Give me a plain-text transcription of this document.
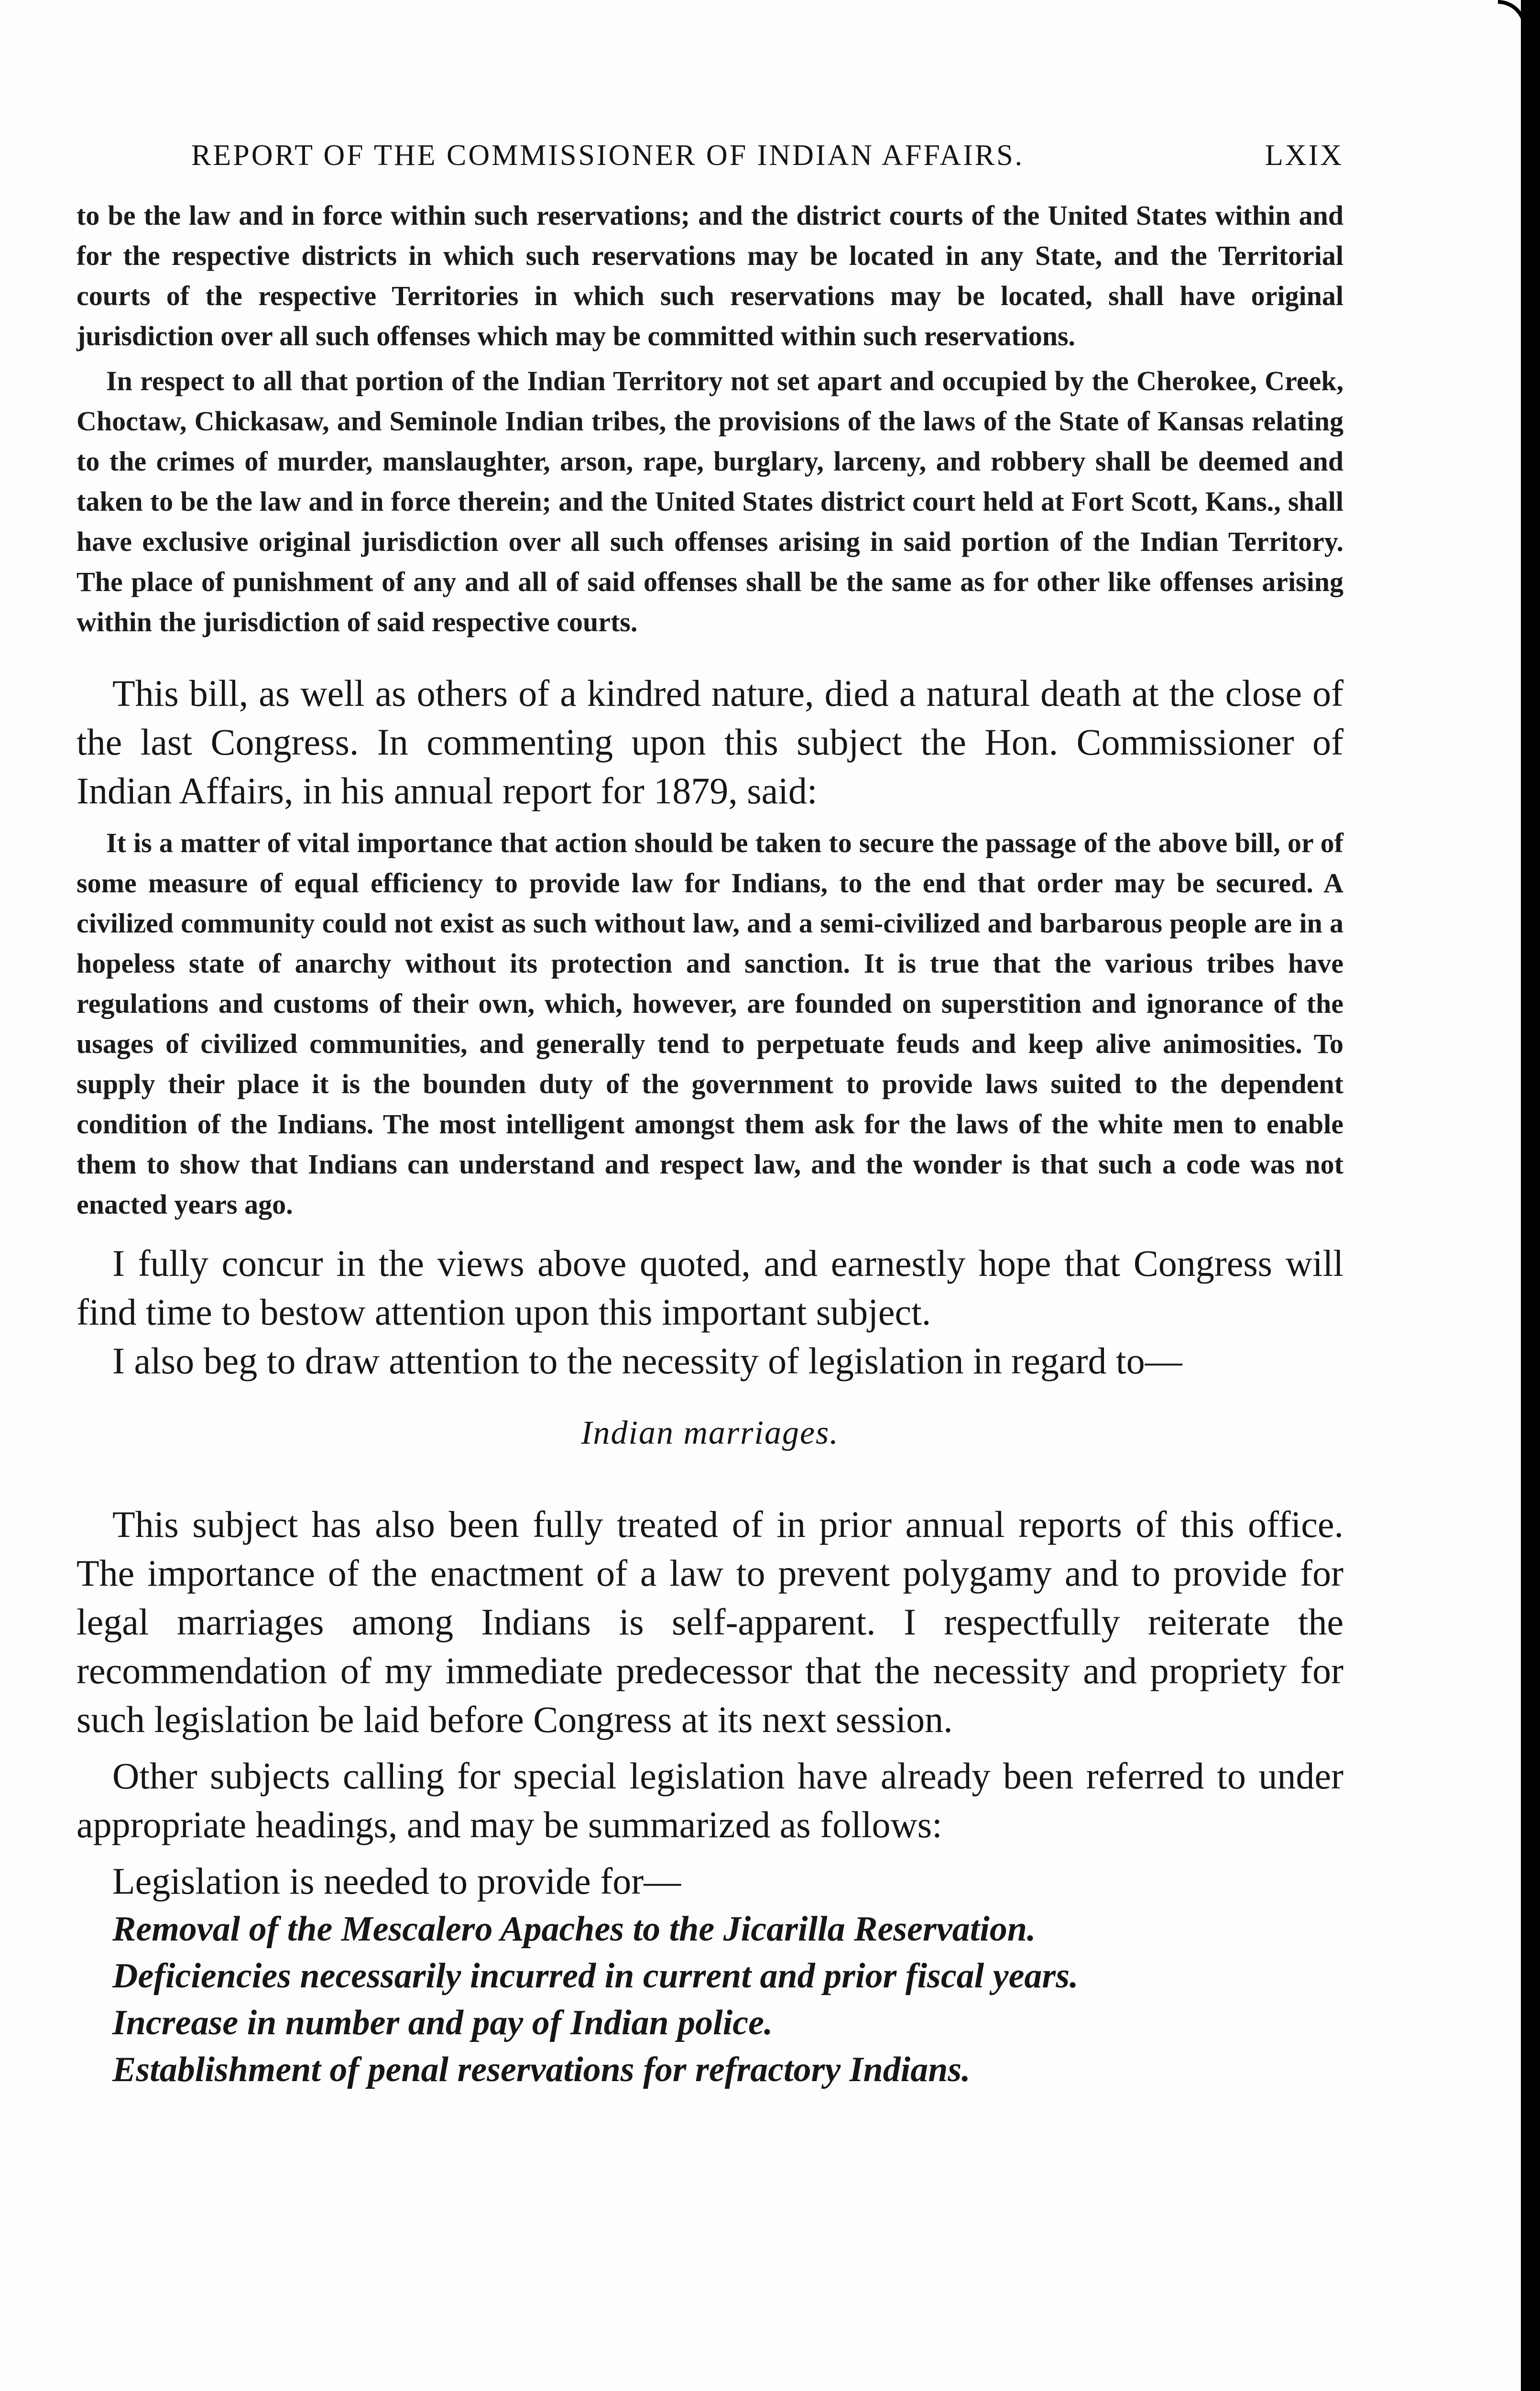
REPORT OF THE COMMISSIONER OF INDIAN AFFAIRS.	LXIX

to be the law and in force within such reservations; and the district courts of the United States within and for the respective districts in which such reservations may be located in any State, and the Territorial courts of the respective Territories in which such reservations may be located, shall have original jurisdiction over all such offenses which may be committed within such reservations.

In respect to all that portion of the Indian Territory not set apart and occupied by the Cherokee, Creek, Choctaw, Chickasaw, and Seminole Indian tribes, the provisions of the laws of the State of Kansas relating to the crimes of murder, manslaughter, arson, rape, burglary, larceny, and robbery shall be deemed and taken to be the law and in force therein; and the United States district court held at Fort Scott, Kans., shall have exclusive original jurisdiction over all such offenses arising in said portion of the Indian Territory. The place of punishment of any and all of said offenses shall be the same as for other like offenses arising within the jurisdiction of said respective courts.

This bill, as well as others of a kindred nature, died a natural death at the close of the last Congress. In commenting upon this subject the Hon. Commissioner of Indian Affairs, in his annual report for 1879, said:

It is a matter of vital importance that action should be taken to secure the passage of the above bill, or of some measure of equal efficiency to provide law for Indians, to the end that order may be secured. A civilized community could not exist as such without law, and a semi-civilized and barbarous people are in a hopeless state of anarchy without its protection and sanction. It is true that the various tribes have regulations and customs of their own, which, however, are founded on superstition and ignorance of the usages of civilized communities, and generally tend to perpetuate feuds and keep alive animosities. To supply their place it is the bounden duty of the government to provide laws suited to the dependent condition of the Indians. The most intelligent amongst them ask for the laws of the white men to enable them to show that Indians can understand and respect law, and the wonder is that such a code was not enacted years ago.

I fully concur in the views above quoted, and earnestly hope that Congress will find time to bestow attention upon this important subject.

I also beg to draw attention to the necessity of legislation in regard to—

Indian marriages.

This subject has also been fully treated of in prior annual reports of this office. The importance of the enactment of a law to prevent polygamy and to provide for legal marriages among Indians is self-apparent. I respectfully reiterate the recommendation of my immediate predecessor that the necessity and propriety for such legislation be laid before Congress at its next session.

Other subjects calling for special legislation have already been referred to under appropriate headings, and may be summarized as follows:

Legislation is needed to provide for—

Removal of the Mescalero Apaches to the Jicarilla Reservation.
Deficiencies necessarily incurred in current and prior fiscal years.
Increase in number and pay of Indian police.
Establishment of penal reservations for refractory Indians.
